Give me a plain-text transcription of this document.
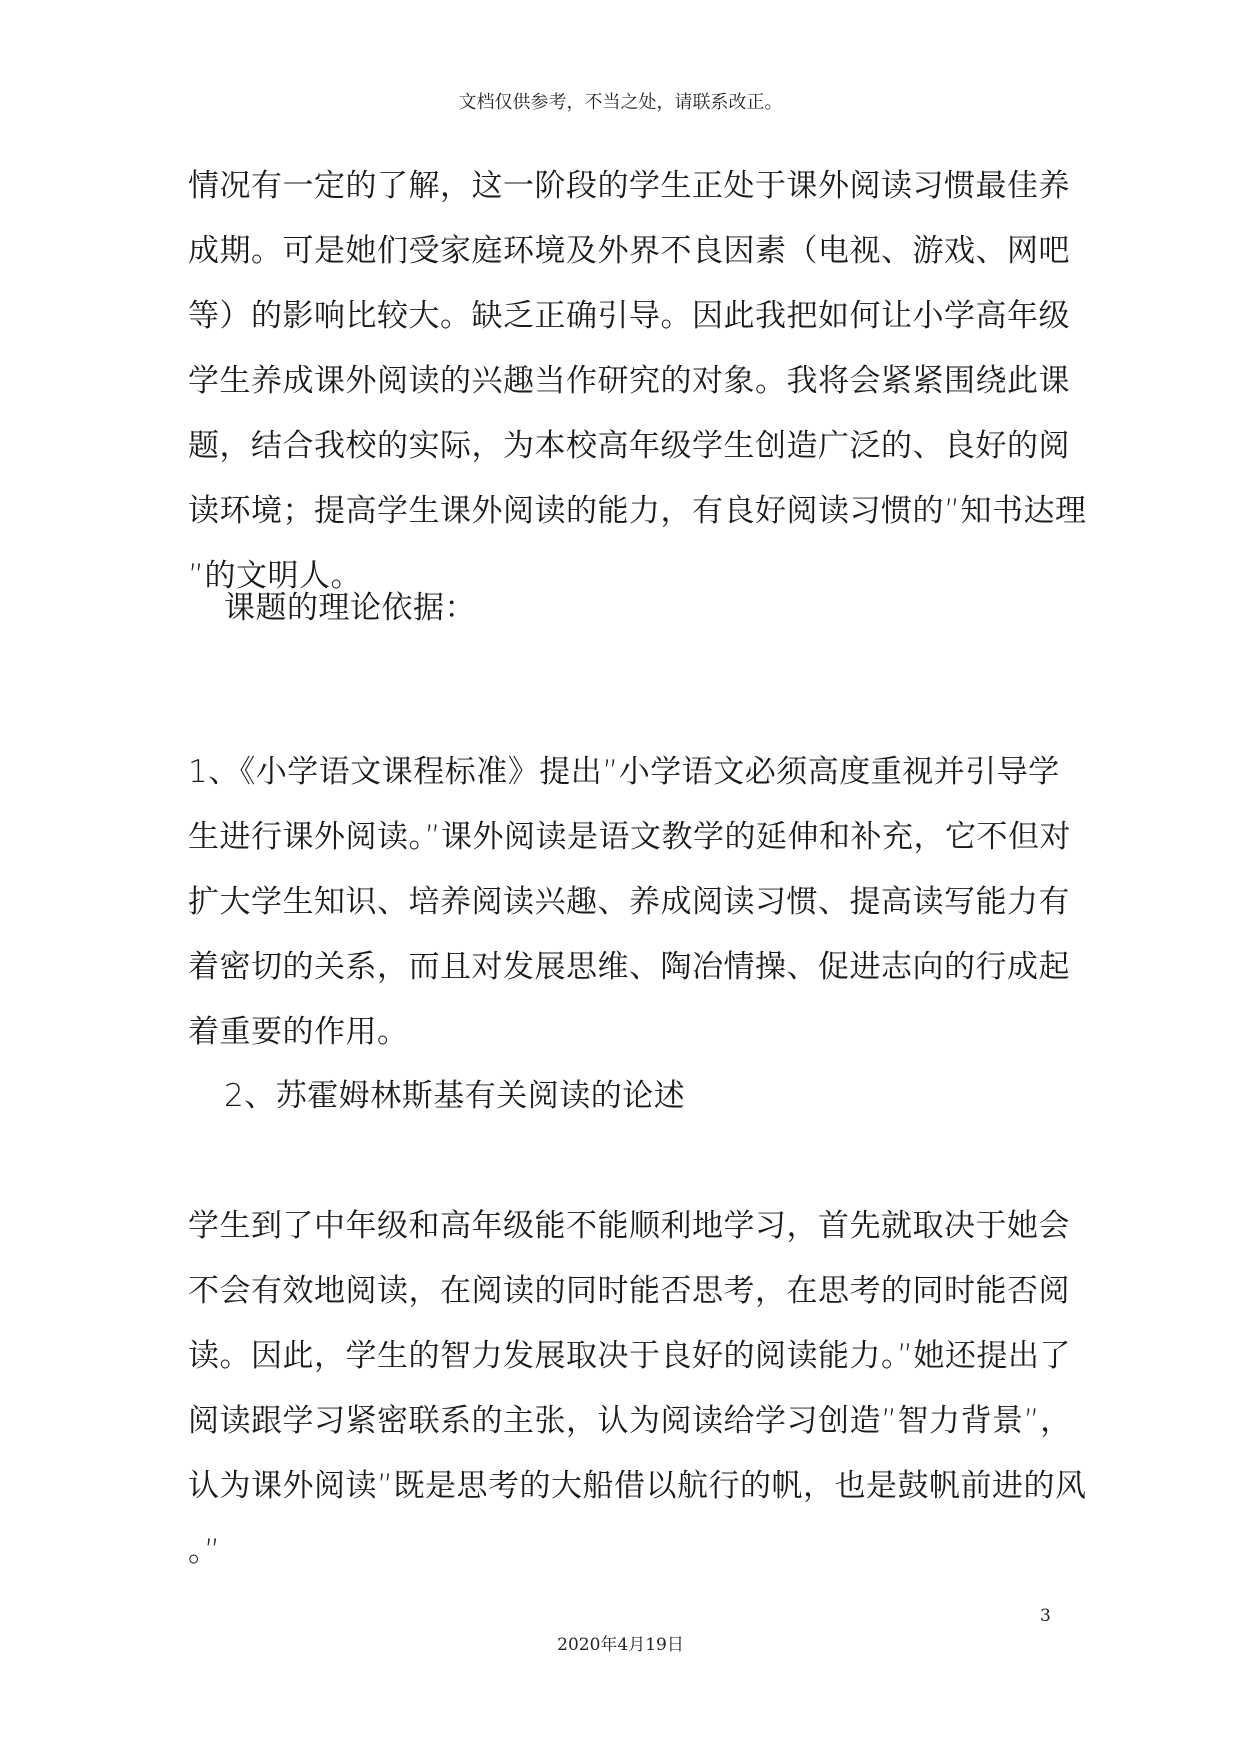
文档仅供参考，不当之处，请联系改正。
情况有一定的了解，这一阶段的学生正处于课外阅读习惯最佳养
成期。可是她们受家庭环境及外界不良因素（电视、游戏、网吧
等）的影响比较大。缺乏正确引导。因此我把如何让小学高年级
学生养成课外阅读的兴趣当作研究的对象。我将会紧紧围绕此课
题，结合我校的实际，为本校高年级学生创造广泛的、良好的阅
读环境；提高学生课外阅读的能力，有良好阅读习惯的”知书达理
”的文明人。
课题的理论依据：
1、《小学语文课程标准》提出”小学语文必须高度重视并引导学
生进行课外阅读。”课外阅读是语文教学的延伸和补充，它不但对
扩大学生知识、培养阅读兴趣、养成阅读习惯、提高读写能力有
着密切的关系，而且对发展思维、陶冶情操、促进志向的行成起
着重要的作用。
2、苏霍姆林斯基有关阅读的论述
学生到了中年级和高年级能不能顺利地学习，首先就取决于她会
不会有效地阅读，在阅读的同时能否思考，在思考的同时能否阅
读。因此，学生的智力发展取决于良好的阅读能力。”她还提出了
阅读跟学习紧密联系的主张，认为阅读给学习创造”智力背景”，
认为课外阅读”既是思考的大船借以航行的帆，也是鼓帆前进的风
。”
3
2020年4月19日
